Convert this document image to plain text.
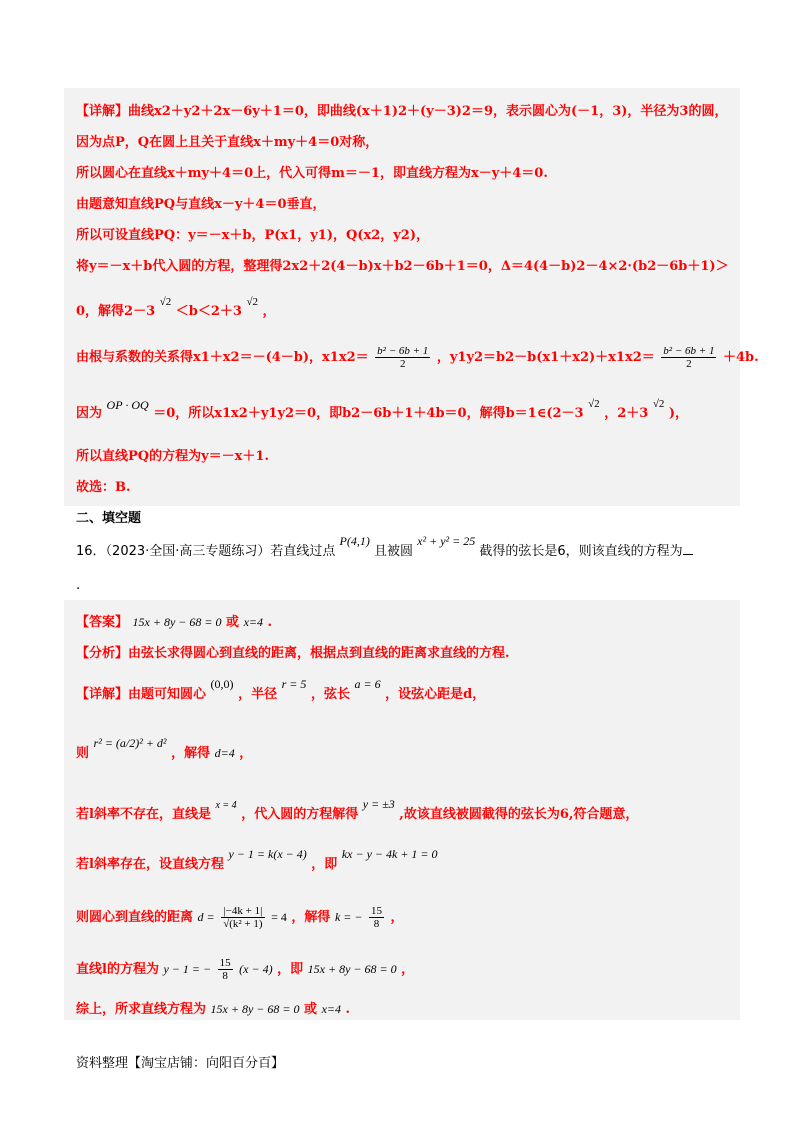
【详解】曲线x2＋y2＋2x－6y＋1＝0，即曲线(x＋1)2＋(y－3)2＝9，表示圆心为(－1，3)，半径为3的圆，
因为点P，Q在圆上且关于直线x＋my＋4＝0对称，
所以圆心在直线x＋my＋4＝0上，代入可得m＝－1，即直线方程为x－y＋4＝0.
由题意知直线PQ与直线x－y＋4＝0垂直，
所以可设直线PQ：y＝－x＋b，P(x1，y1)，Q(x2，y2)，
将y＝－x＋b代入圆的方程，整理得2x2＋2(4－b)x＋b2－6b＋1＝0，Δ＝4(4－b)2－4×2·(b2－6b＋1)＞
0，解得2－3 √2 ＜b＜2＋3 √2 ，
由根与系数的关系得x1＋x2＝－(4－b)，$x1x2= \frac{\text{b² − 6b + 1}}{2}$ ，$y1y2=b2-b(x1+x2)+x1x2= \frac{\text{b² − 6b + 1}}{2} +4b$.
因为 OP · OQ ＝0，所以x1x2＋y1y2＝0，即b2－6b＋1＋4b＝0，解得b＝1∈(2－3 √2 ，2＋3 √2 )，
所以直线PQ的方程为y＝－x＋1.
故选：B.
二、填空题
16．（2023·全国·高三专题练习）若直线过点 P(4,1) 且被圆 x² + y² = 25 截得的弦长是6，则该直线的方程为
.
【答案】 15x + 8y − 68 = 0 或 x=4 .
【分析】由弦长求得圆心到直线的距离，根据点到直线的距离求直线的方程.
【详解】由题可知圆心 (0,0) ，半径 r = 5 ，弦长 a = 6 ，设弦心距是d，
则 r² = (a/2)² + d² ，解得 d=4 ，
若l斜率不存在，直线是 $^{x = 4}$ ，代入圆的方程解得 y = ±3 ,故该直线被圆截得的弦长为6,符合题意，
若l斜率存在，设直线方程 y − 1 = k(x − 4) ，即 kx − y − 4k + 1 = 0
则圆心到直线的距离 $d = \frac{|-4k + 1|}{\text{√(k² + 1)}} = 4$ ，解得 k = − $\frac{15}{8}$ ，
直线l的方程为 y − 1 = − $\frac{15}{8} (x - 4)$ ，即 15x + 8y − 68 = 0 ，
综上，所求直线方程为 15x + 8y − 68 = 0 或 x=4 .
资料整理【淘宝店铺：向阳百分百】
